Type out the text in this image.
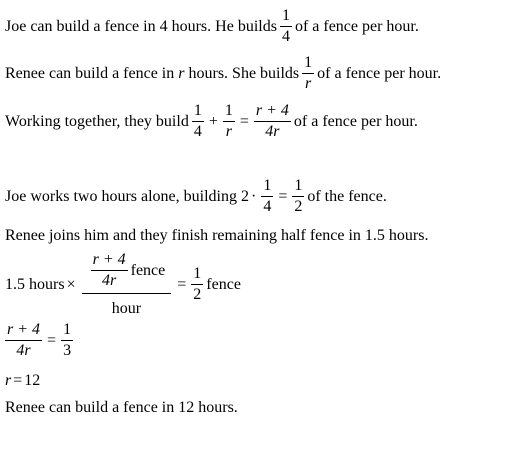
Joe can build a fence in 4 hours. He builds $\frac{1}{4}$ of a fence per hour.
Renee can build a fence in
r
hours. She builds $\frac{1}{r}$ of a fence per hour.
Working together, they build $\frac{1}{4} + \frac{1}{r} = \frac{r + 4}{4r}$ of a fence per hour.
Joe works two hours alone, building $2 \cdot \frac{1}{4} = \frac{1}{2}$ of the fence.
Renee joins him and they finish remaining half fence in 1.5 hours.
1.5 hours × $\frac{r + 4}{4r}$ fence
hour
= $\frac{1}{2}$ fence
$\frac{r + 4}{4r} = \frac{1}{3}$
r = 12
Renee can build a fence in 12 hours.
